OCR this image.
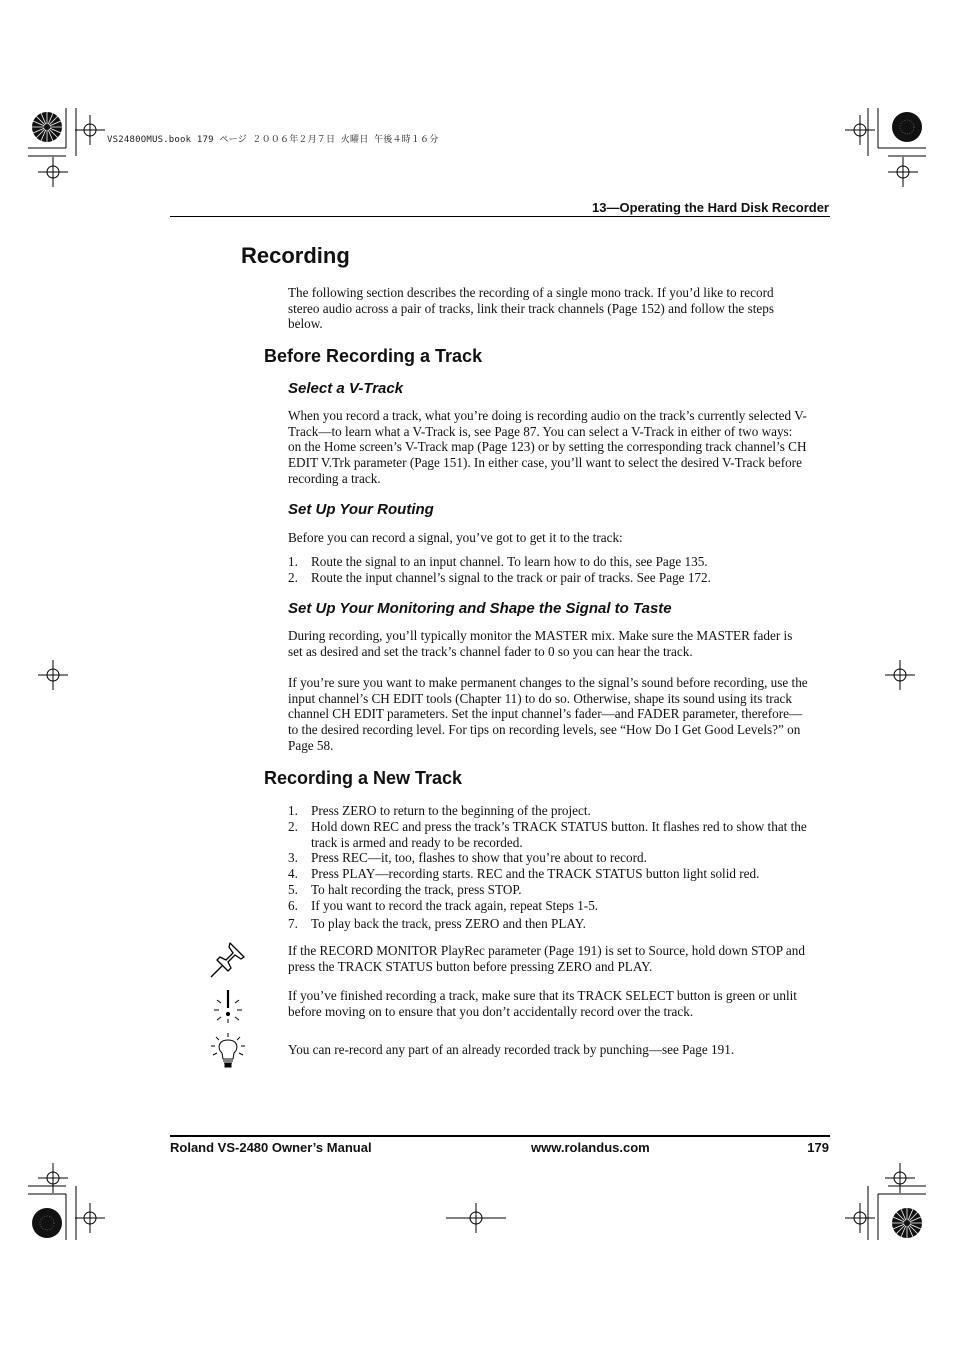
VS2480OMUS.book 179 ページ ２００６年２月７日 火曜日 午後４時１６分
13—Operating the Hard Disk Recorder
Recording
The following section describes the recording of a single mono track. If you’d like to record stereo audio across a pair of tracks, link their track channels (Page 152) and follow the steps below.
Before Recording a Track
Select a V-Track
When you record a track, what you’re doing is recording audio on the track’s currently selected V-Track—to learn what a V-Track is, see Page 87. You can select a V-Track in either of two ways: on the Home screen’s V-Track map (Page 123) or by setting the corresponding track channel’s CH EDIT V.Trk parameter (Page 151). In either case, you’ll want to select the desired V-Track before recording a track.
Set Up Your Routing
Before you can record a signal, you’ve got to get it to the track:
1. Route the signal to an input channel. To learn how to do this, see Page 135.
2. Route the input channel’s signal to the track or pair of tracks. See Page 172.
Set Up Your Monitoring and Shape the Signal to Taste
During recording, you’ll typically monitor the MASTER mix. Make sure the MASTER fader is set as desired and set the track’s channel fader to 0 so you can hear the track.
If you’re sure you want to make permanent changes to the signal’s sound before recording, use the input channel’s CH EDIT tools (Chapter 11) to do so. Otherwise, shape its sound using its track channel CH EDIT parameters. Set the input channel’s fader—and FADER parameter, therefore—to the desired recording level. For tips on recording levels, see “How Do I Get Good Levels?” on Page 58.
Recording a New Track
1. Press ZERO to return to the beginning of the project.
2. Hold down REC and press the track’s TRACK STATUS button. It flashes red to show that the track is armed and ready to be recorded.
3. Press REC—it, too, flashes to show that you’re about to record.
4. Press PLAY—recording starts. REC and the TRACK STATUS button light solid red.
5. To halt recording the track, press STOP.
6. If you want to record the track again, repeat Steps 1-5.
7. To play back the track, press ZERO and then PLAY.
If the RECORD MONITOR PlayRec parameter (Page 191) is set to Source, hold down STOP and press the TRACK STATUS button before pressing ZERO and PLAY.
If you’ve finished recording a track, make sure that its TRACK SELECT button is green or unlit before moving on to ensure that you don’t accidentally record over the track.
You can re-record any part of an already recorded track by punching—see Page 191.
Roland VS-2480 Owner’s Manual	www.rolandus.com	179
